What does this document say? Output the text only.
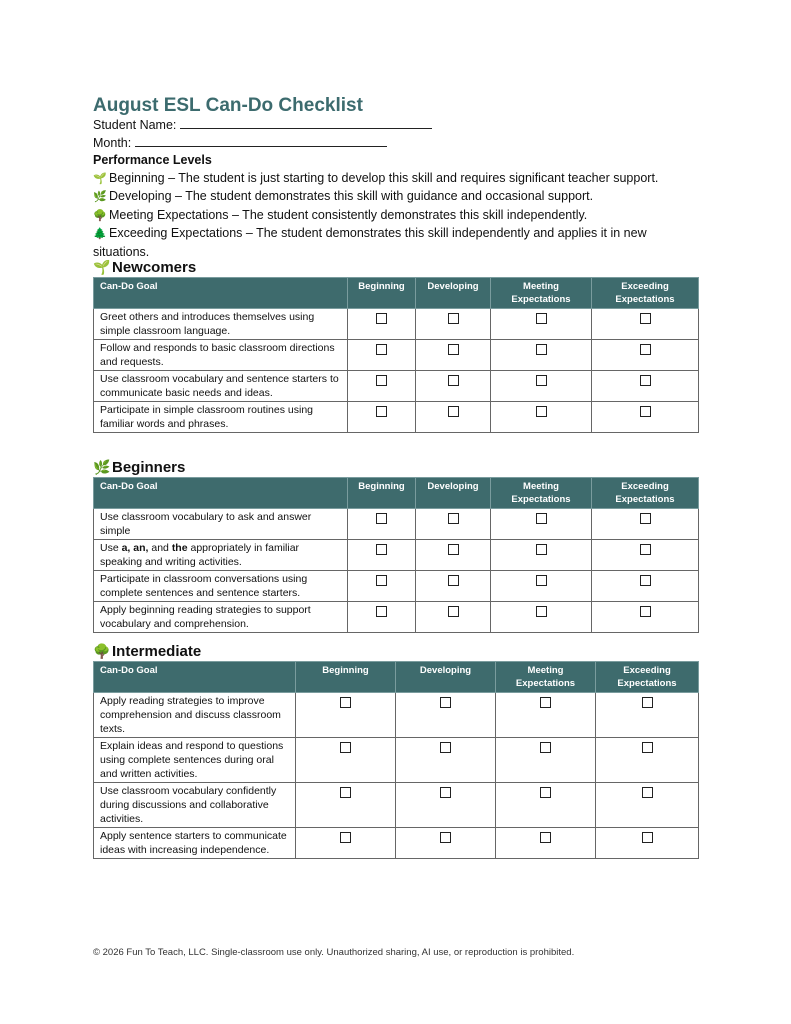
August ESL Can-Do Checklist
Student Name:
Month:
Performance Levels
🌱 Beginning – The student is just starting to develop this skill and requires significant teacher support.
🌿 Developing – The student demonstrates this skill with guidance and occasional support.
🌳 Meeting Expectations – The student consistently demonstrates this skill independently.
🌲 Exceeding Expectations – The student demonstrates this skill independently and applies it in new situations.
🌱 Newcomers
Can-Do Goal	Beginning	Developing	Meeting Expectations	Exceeding Expectations
Greet others and introduces themselves using simple classroom language.				
Follow and responds to basic classroom directions and requests.				
Use classroom vocabulary and sentence starters to communicate basic needs and ideas.				
Participate in simple classroom routines using familiar words and phrases.				
🌿 Beginners
Can-Do Goal	Beginning	Developing	Meeting Expectations	Exceeding Expectations
Use classroom vocabulary to ask and answer simple				
Use a, an, and the appropriately in familiar speaking and writing activities.				
Participate in classroom conversations using complete sentences and sentence starters.				
Apply beginning reading strategies to support vocabulary and comprehension.				
🌳 Intermediate
Can-Do Goal	Beginning	Developing	Meeting Expectations	Exceeding Expectations
Apply reading strategies to improve comprehension and discuss classroom texts.				
Explain ideas and respond to questions using complete sentences during oral and written activities.				
Use classroom vocabulary confidently during discussions and collaborative activities.				
Apply sentence starters to communicate ideas with increasing independence.				
© 2026 Fun To Teach, LLC. Single-classroom use only. Unauthorized sharing, AI use, or reproduction is prohibited.
